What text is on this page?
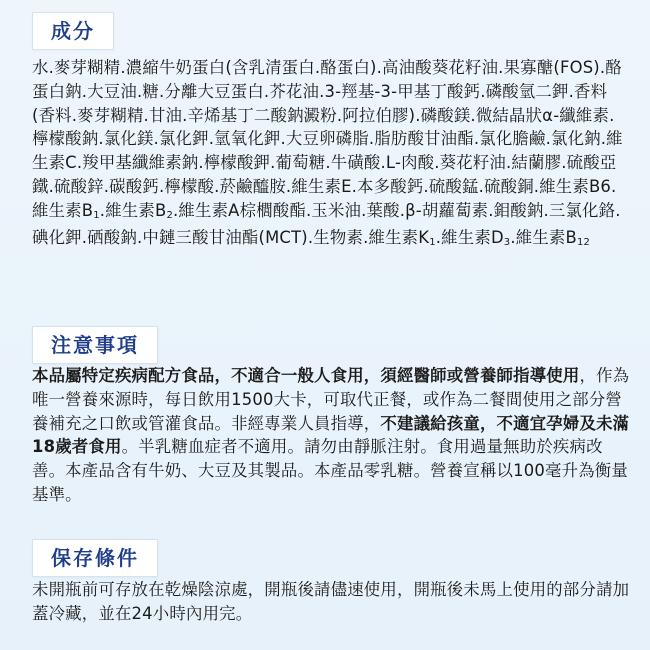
成分

水.麥芽糊精.濃縮牛奶蛋白(含乳清蛋白.酪蛋白).高油酸葵花籽油.果寡醣(FOS).酪蛋白鈉.大豆油.糖.分離大豆蛋白.芥花油.3-羥基-3-甲基丁酸鈣.磷酸氫二鉀.香料(香料.麥芽糊精.甘油.辛烯基丁二酸鈉澱粉.阿拉伯膠).磷酸鎂.微結晶狀α-纖維素.檸檬酸鈉.氯化鎂.氯化鉀.氫氧化鉀.大豆卵磷脂.脂肪酸甘油酯.氯化膽鹼.氯化鈉.維生素C.羧甲基纖維素鈉.檸檬酸鉀.葡萄糖.牛磺酸.L-肉酸.葵花籽油.結蘭膠.硫酸亞鐵.硫酸鋅.碳酸鈣.檸檬酸.菸鹼醯胺.維生素E.本多酸鈣.硫酸錳.硫酸銅.維生素B6.維生素$B_1$.維生素$B_2$.維生素A棕櫚酸酯.玉米油.葉酸.β-胡蘿蔔素.鉬酸鈉.三氯化鉻.碘化鉀.硒酸鈉.中鏈三酸甘油酯(MCT).生物素.維生素$K_1$.維生素$D_3$.維生素$B_{12}$

注意事項

本品屬特定疾病配方食品，不適合一般人食用，須經醫師或營養師指導使用，作為唯一營養來源時，每日飲用1500大卡，可取代正餐，或作為二餐間使用之部分營養補充之口飲或管灌食品。非經專業人員指導，不建議給孩童，不適宜孕婦及未滿18歲者食用。半乳糖血症者不適用。請勿由靜脈注射。食用過量無助於疾病改善。本產品含有牛奶、大豆及其製品。本產品零乳糖。營養宣稱以100毫升為衡量基準。

保存條件

未開瓶前可存放在乾燥陰涼處，開瓶後請儘速使用，開瓶後未馬上使用的部分請加蓋冷藏，並在24小時內用完。
